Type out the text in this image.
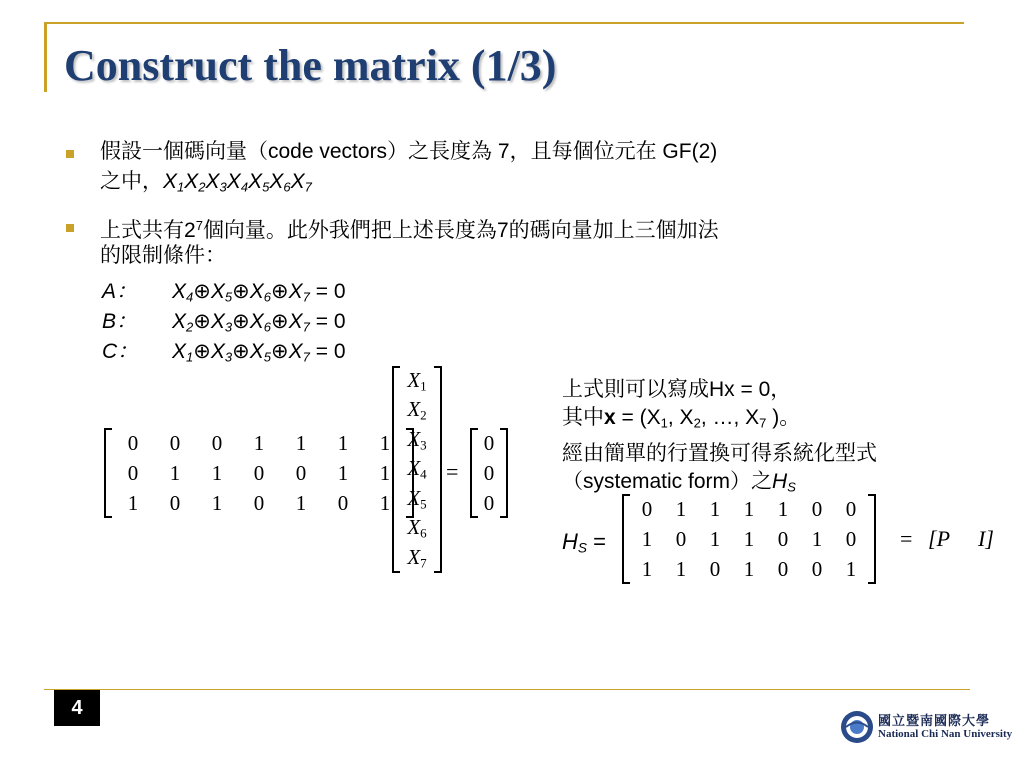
Construct the matrix (1/3)
假設一個碼向量（code vectors）之長度為 7，且每個位元在 GF(2)
之中，$X_1X_2X_3X_4X_5X_6X_7$
上式共有$2^7$個向量。此外我們把上述長度為7的碼向量加上三個加法
的限制條件：
A： $X_4\oplus X_5\oplus X_6\oplus X_7 = 0$
B： $X_2\oplus X_3\oplus X_6\oplus X_7 = 0$
C： $X_1\oplus X_3\oplus X_5\oplus X_7 = 0$
0	0	0	1	1	1	1
0	1	1	0	0	1	1
1	0	1	0	1	0	1
$X_1$
$X_2$
$X_3$
$X_4$
$X_5$
$X_6$
$X_7$
=
0
0
0
上式則可以寫成Hx = 0，
其中$x = (X_1$, $X_2$, …, $X_7$ )。
經由簡單的行置換可得系統化型式
（systematic form）之$H_S$
$H_S$ =
0	1	1	1	1	0	0
1	0	1	1	0	1	0
1	1	0	1	0	0	1
= [P I]
4
國立暨南國際大學
National Chi Nan University
